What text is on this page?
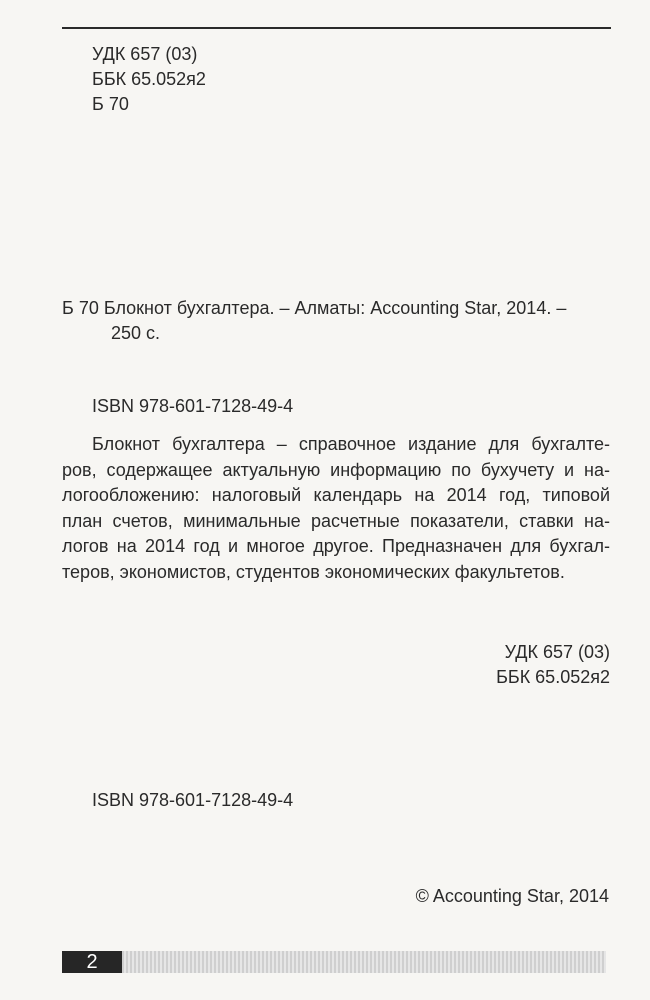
УДК 657 (03)
ББК 65.052я2
Б 70
Б 70 Блокнот бухгалтера. – Алматы: Accounting Star, 2014. –
250 с.
ISBN 978-601-7128-49-4
Блокнот бухгалтера – справочное издание для бухгалте-
ров, содержащее актуальную информацию по бухучету и на-
логообложению: налоговый календарь на 2014 год, типовой
план счетов, минимальные расчетные показатели, ставки на-
логов на 2014 год и многое другое. Предназначен для бухгал-
теров, экономистов, студентов экономических факультетов.
УДК 657 (03)
ББК 65.052я2
ISBN 978-601-7128-49-4
© Accounting Star, 2014
2
